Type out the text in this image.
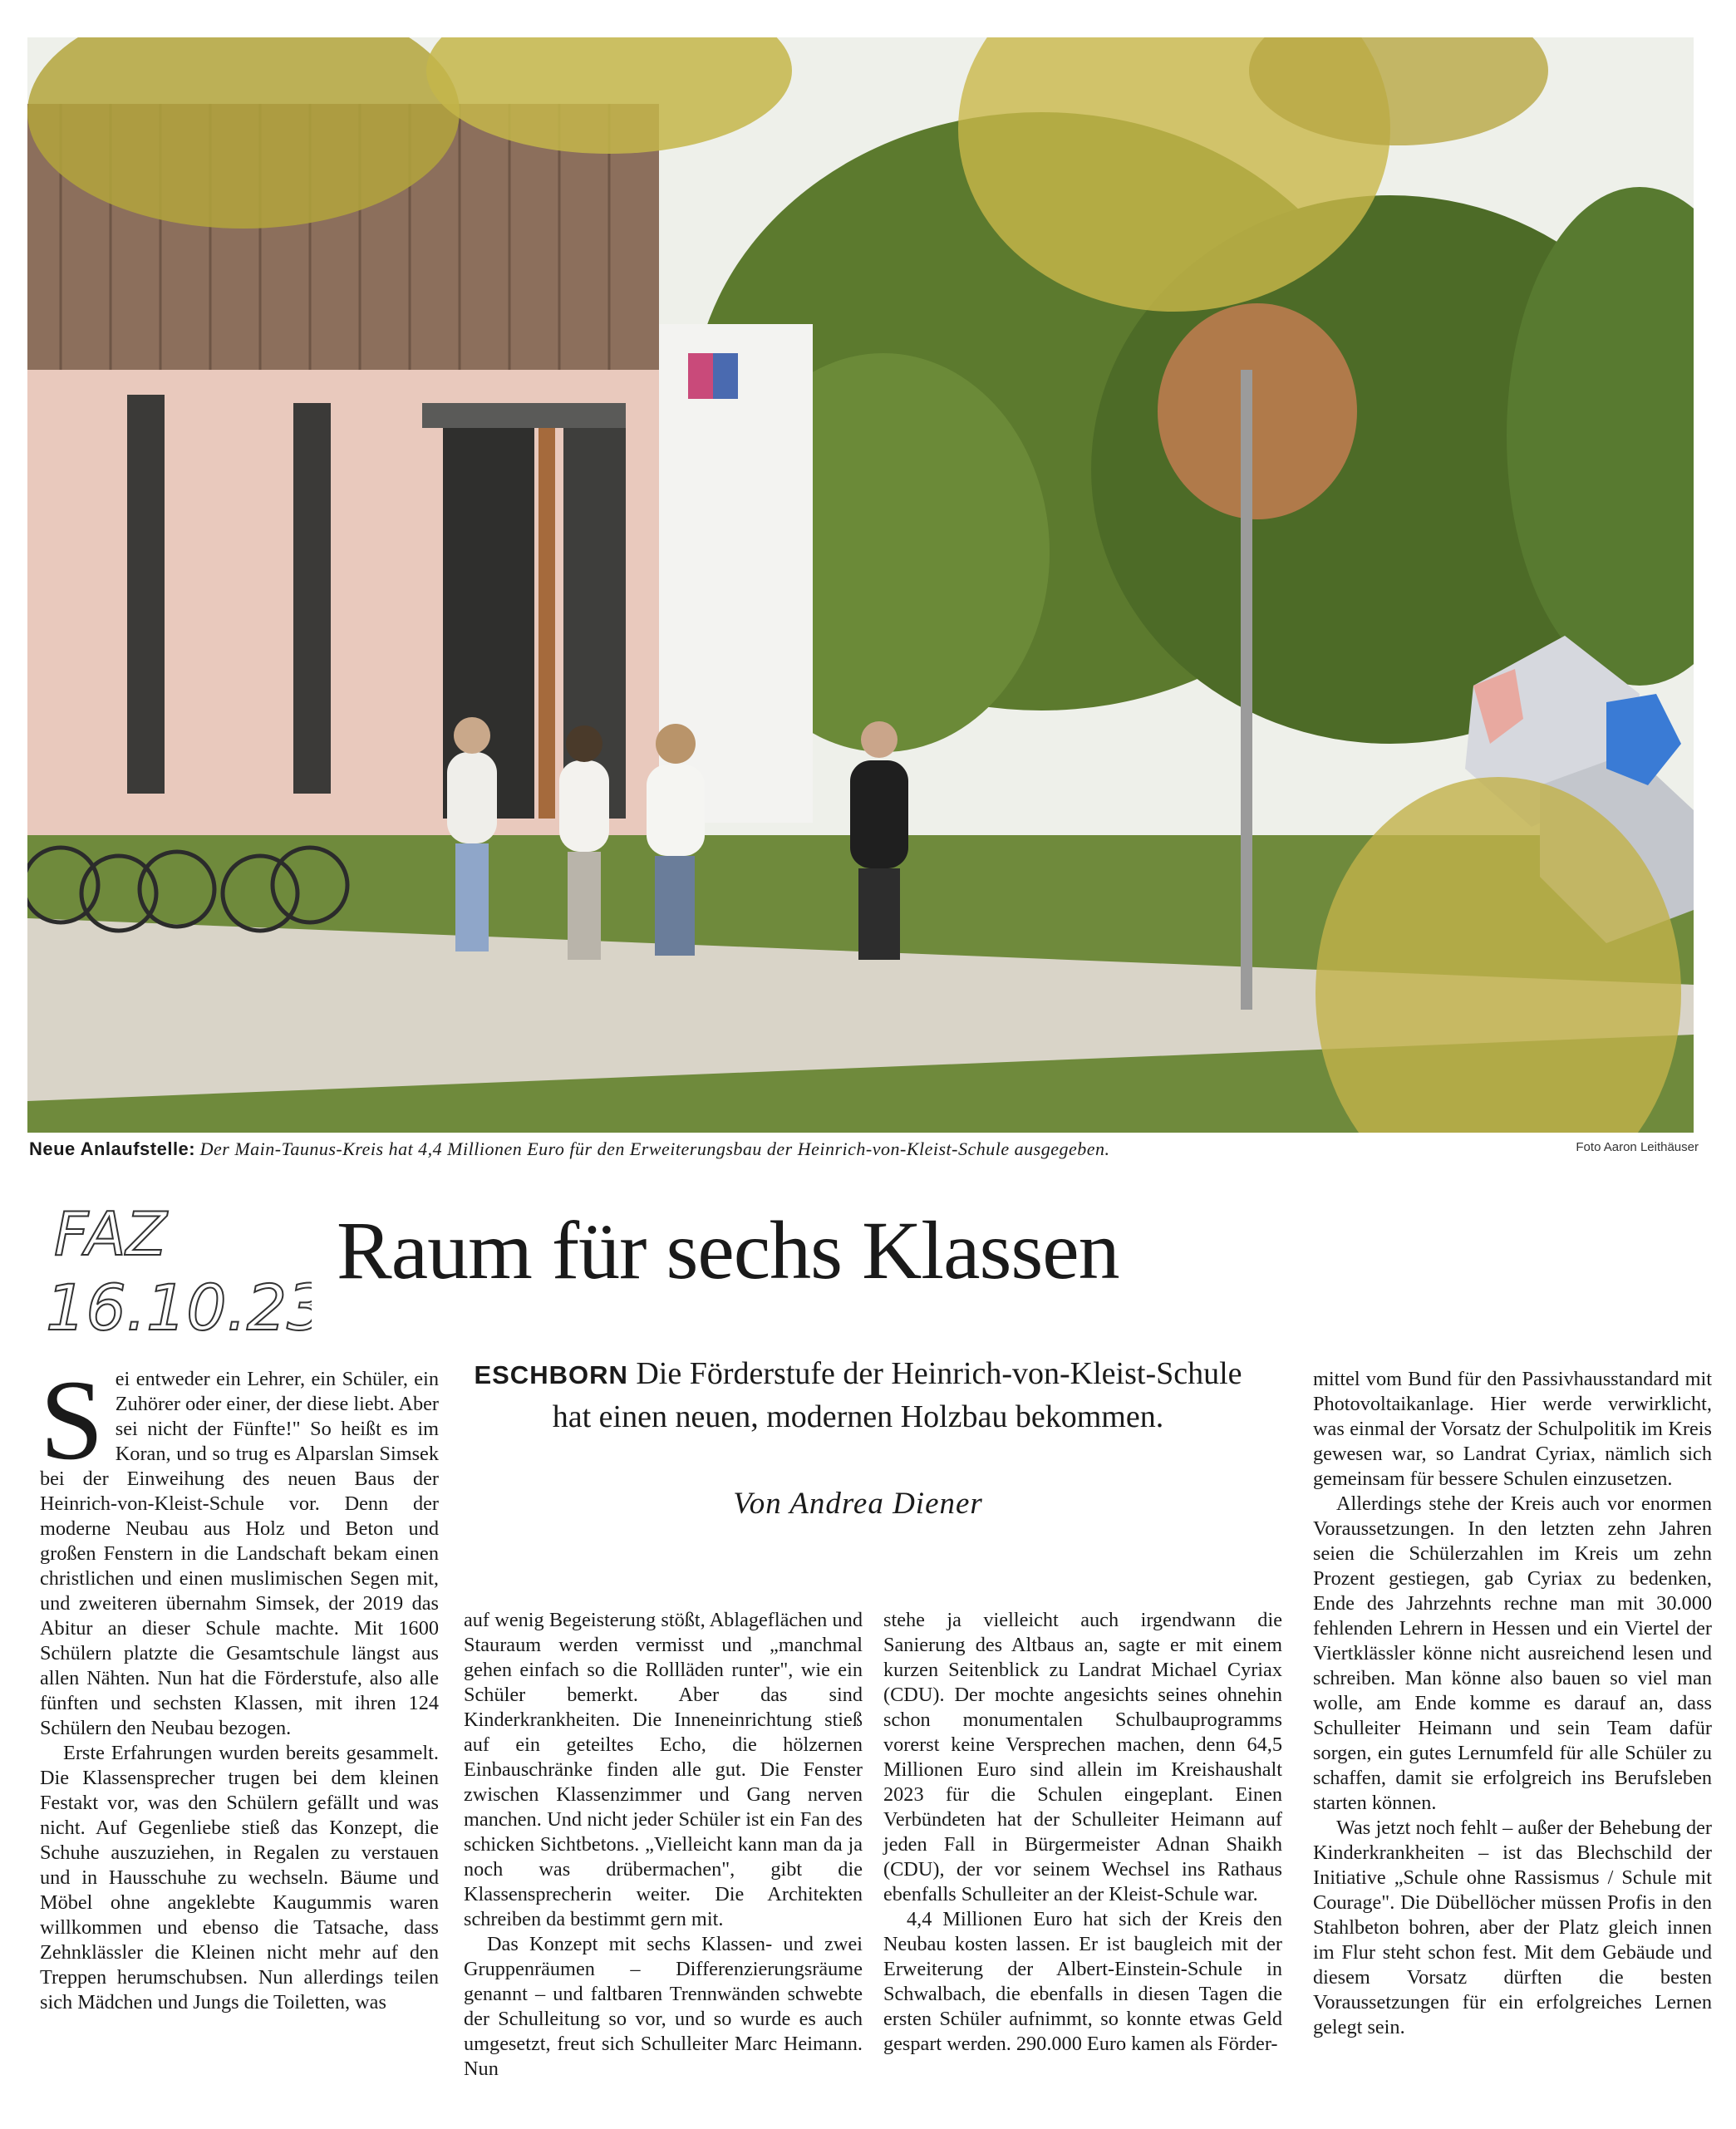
Neue Anlaufstelle: Der Main-Taunus-Kreis hat 4,4 Millionen Euro für den Erweiterungsbau der Heinrich-von-Kleist-Schule ausgegeben.	Foto Aaron Leithäuser
FAZ
16.10.23
Raum für sechs Klassen
ESCHBORN Die Förderstufe der Heinrich-von-Kleist-Schule hat einen neuen, modernen Holzbau bekommen.
Von Andrea Diener

Sei entweder ein Lehrer, ein Schüler, ein Zuhörer oder einer, der diese liebt. Aber sei nicht der Fünfte!" So heißt es im Koran, und so trug es Alparslan Simsek bei der Einweihung des neuen Baus der Heinrich-von-Kleist-Schule vor. Denn der moderne Neubau aus Holz und Beton und großen Fenstern in die Landschaft bekam einen christlichen und einen muslimischen Segen mit, und zweiteren übernahm Simsek, der 2019 das Abitur an dieser Schule machte. Mit 1600 Schülern platzte die Gesamtschule längst aus allen Nähten. Nun hat die Förderstufe, also alle fünften und sechsten Klassen, mit ihren 124 Schülern den Neubau bezogen.

Erste Erfahrungen wurden bereits gesammelt. Die Klassensprecher trugen bei dem kleinen Festakt vor, was den Schülern gefällt und was nicht. Auf Gegenliebe stieß das Konzept, die Schuhe auszuziehen, in Regalen zu verstauen und in Hausschuhe zu wechseln. Bäume und Möbel ohne angeklebte Kaugummis waren willkommen und ebenso die Tatsache, dass Zehnklässler die Kleinen nicht mehr auf den Treppen herumschubsen. Nun allerdings teilen sich Mädchen und Jungs die Toiletten, was

auf wenig Begeisterung stößt, Ablageflächen und Stauraum werden vermisst und „manchmal gehen einfach so die Rollläden runter", wie ein Schüler bemerkt. Aber das sind Kinderkrankheiten. Die Inneneinrichtung stieß auf ein geteiltes Echo, die hölzernen Einbauschränke finden alle gut. Die Fenster zwischen Klassenzimmer und Gang nerven manchen. Und nicht jeder Schüler ist ein Fan des schicken Sichtbetons. „Vielleicht kann man da ja noch was drübermachen", gibt die Klassensprecherin weiter. Die Architekten schreiben da bestimmt gern mit.

Das Konzept mit sechs Klassen- und zwei Gruppenräumen – Differenzierungsräume genannt – und faltbaren Trennwänden schwebte der Schulleitung so vor, und so wurde es auch umgesetzt, freut sich Schulleiter Marc Heimann. Nun

stehe ja vielleicht auch irgendwann die Sanierung des Altbaus an, sagte er mit einem kurzen Seitenblick zu Landrat Michael Cyriax (CDU). Der mochte angesichts seines ohnehin schon monumentalen Schulbauprogramms vorerst keine Versprechen machen, denn 64,5 Millionen Euro sind allein im Kreishaushalt 2023 für die Schulen eingeplant. Einen Verbündeten hat der Schulleiter Heimann auf jeden Fall in Bürgermeister Adnan Shaikh (CDU), der vor seinem Wechsel ins Rathaus ebenfalls Schulleiter an der Kleist-Schule war.

4,4 Millionen Euro hat sich der Kreis den Neubau kosten lassen. Er ist baugleich mit der Erweiterung der Albert-Einstein-Schule in Schwalbach, die ebenfalls in diesen Tagen die ersten Schüler aufnimmt, so konnte etwas Geld gespart werden. 290.000 Euro kamen als Förder-

mittel vom Bund für den Passivhausstandard mit Photovoltaikanlage. Hier werde verwirklicht, was einmal der Vorsatz der Schulpolitik im Kreis gewesen war, so Landrat Cyriax, nämlich sich gemeinsam für bessere Schulen einzusetzen.

Allerdings stehe der Kreis auch vor enormen Voraussetzungen. In den letzten zehn Jahren seien die Schülerzahlen im Kreis um zehn Prozent gestiegen, gab Cyriax zu bedenken, Ende des Jahrzehnts rechne man mit 30.000 fehlenden Lehrern in Hessen und ein Viertel der Viertklässler könne nicht ausreichend lesen und schreiben. Man könne also bauen so viel man wolle, am Ende komme es darauf an, dass Schulleiter Heimann und sein Team dafür sorgen, ein gutes Lernumfeld für alle Schüler zu schaffen, damit sie erfolgreich ins Berufsleben starten können.

Was jetzt noch fehlt – außer der Behebung der Kinderkrankheiten – ist das Blechschild der Initiative „Schule ohne Rassismus / Schule mit Courage". Die Dübellöcher müssen Profis in den Stahlbeton bohren, aber der Platz gleich innen im Flur steht schon fest. Mit dem Gebäude und diesem Vorsatz dürften die besten Voraussetzungen für ein erfolgreiches Lernen gelegt sein.
